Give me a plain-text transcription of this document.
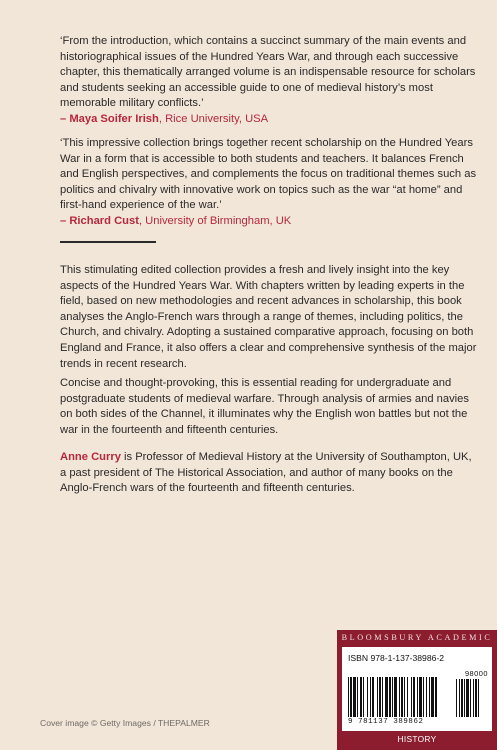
‘From the introduction, which contains a succinct summary of the main events and historiographical issues of the Hundred Years War, and through each successive chapter, this thematically arranged volume is an indispensable resource for scholars and students seeking an accessible guide to one of medieval history’s most memorable military conflicts.’
– Maya Soifer Irish, Rice University, USA
‘This impressive collection brings together recent scholarship on the Hundred Years War in a form that is accessible to both students and teachers. It balances French and English perspectives, and complements the focus on traditional themes such as politics and chivalry with innovative work on topics such as the war “at home” and first-hand experience of the war.’
– Richard Cust, University of Birmingham, UK
This stimulating edited collection provides a fresh and lively insight into the key aspects of the Hundred Years War. With chapters written by leading experts in the field, based on new methodologies and recent advances in scholarship, this book analyses the Anglo-French wars through a range of themes, including politics, the Church, and chivalry. Adopting a sustained comparative approach, focusing on both England and France, it also offers a clear and comprehensive synthesis of the major trends in recent research.
Concise and thought-provoking, this is essential reading for undergraduate and postgraduate students of medieval warfare. Through analysis of armies and navies on both sides of the Channel, it illuminates why the English won battles but not the war in the fourteenth and fifteenth centuries.
Anne Curry is Professor of Medieval History at the University of Southampton, UK, a past president of The Historical Association, and author of many books on the Anglo-French wars of the fourteenth and fifteenth centuries.
Cover image © Getty Images / THEPALMER
BLOOMSBURY ACADEMIC
ISBN 978-1-137-38986-2
98000
9 781137 389862
HISTORY
